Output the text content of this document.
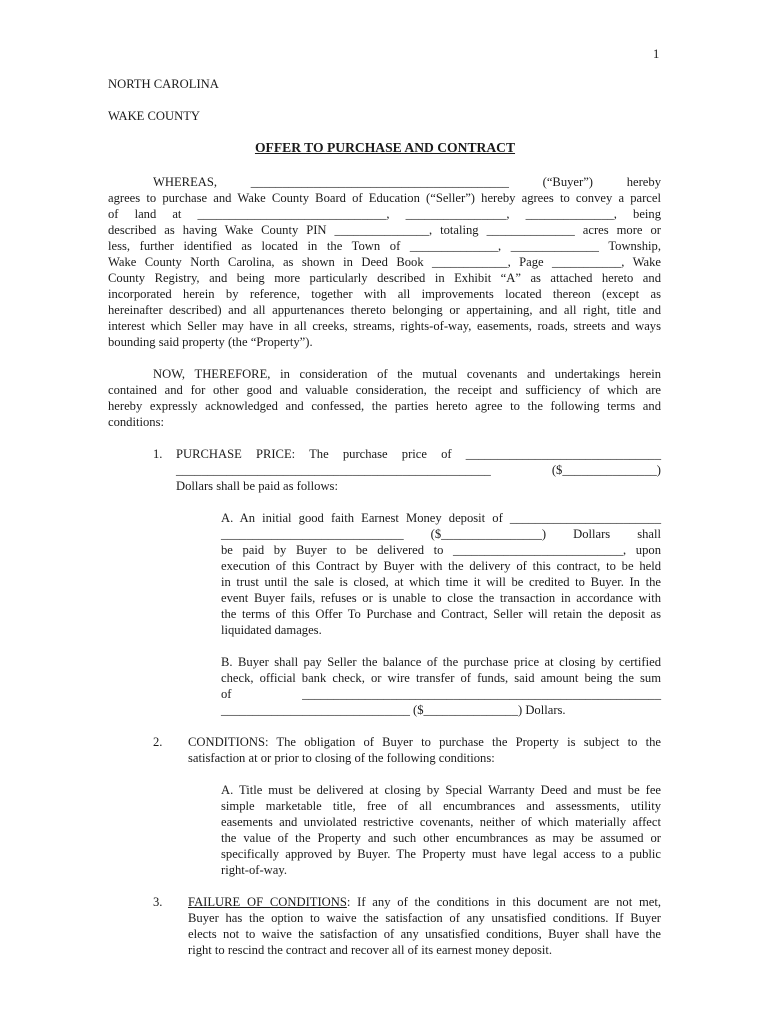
1
NORTH CAROLINA
WAKE COUNTY
OFFER TO PURCHASE AND CONTRACT
WHEREAS, _________________________________________ (“Buyer”) hereby
agrees to purchase and Wake County Board of Education (“Seller”) hereby agrees to convey a parcel
of land at ______________________________, ________________, ______________, being
described as having Wake County PIN _______________, totaling ______________ acres more or
less, further identified as located in the Town of ______________, ______________ Township,
Wake County North Carolina, as shown in Deed Book ____________, Page ___________, Wake
County Registry, and being more particularly described in Exhibit “A” as attached hereto and
incorporated herein by reference, together with all improvements located thereon (except as
hereinafter described) and all appurtenances thereto belonging or appertaining, and all right, title and
interest which Seller may have in all creeks, streams, rights-of-way, easements, roads, streets and ways
bounding said property (the “Property”).
NOW, THEREFORE, in consideration of the mutual covenants and undertakings herein
contained and for other good and valuable consideration, the receipt and sufficiency of which are
hereby expressly acknowledged and confessed, the parties hereto agree to the following terms and
conditions:
1. PURCHASE PRICE: The purchase price of _______________________________
__________________________________________________ ($_______________)
Dollars shall be paid as follows:
A. An initial good faith Earnest Money deposit of ________________________
_____________________________ ($________________) Dollars shall
be paid by Buyer to be delivered to ___________________________, upon
execution of this Contract by Buyer with the delivery of this contract, to be held
in trust until the sale is closed, at which time it will be credited to Buyer. In the
event Buyer fails, refuses or is unable to close the transaction in accordance with
the terms of this Offer To Purchase and Contract, Seller will retain the deposit as
liquidated damages.
B. Buyer shall pay Seller the balance of the purchase price at closing by certified
check, official bank check, or wire transfer of funds, said amount being the sum
of _________________________________________________________
______________________________ ($_______________) Dollars.
2. CONDITIONS: The obligation of Buyer to purchase the Property is subject to the
satisfaction at or prior to closing of the following conditions:
A. Title must be delivered at closing by Special Warranty Deed and must be fee
simple marketable title, free of all encumbrances and assessments, utility
easements and unviolated restrictive covenants, neither of which materially affect
the value of the Property and such other encumbrances as may be assumed or
specifically approved by Buyer. The Property must have legal access to a public
right-of-way.
3. FAILURE OF CONDITIONS: If any of the conditions in this document are not met,
Buyer has the option to waive the satisfaction of any unsatisfied conditions. If Buyer
elects not to waive the satisfaction of any unsatisfied conditions, Buyer shall have the
right to rescind the contract and recover all of its earnest money deposit.
